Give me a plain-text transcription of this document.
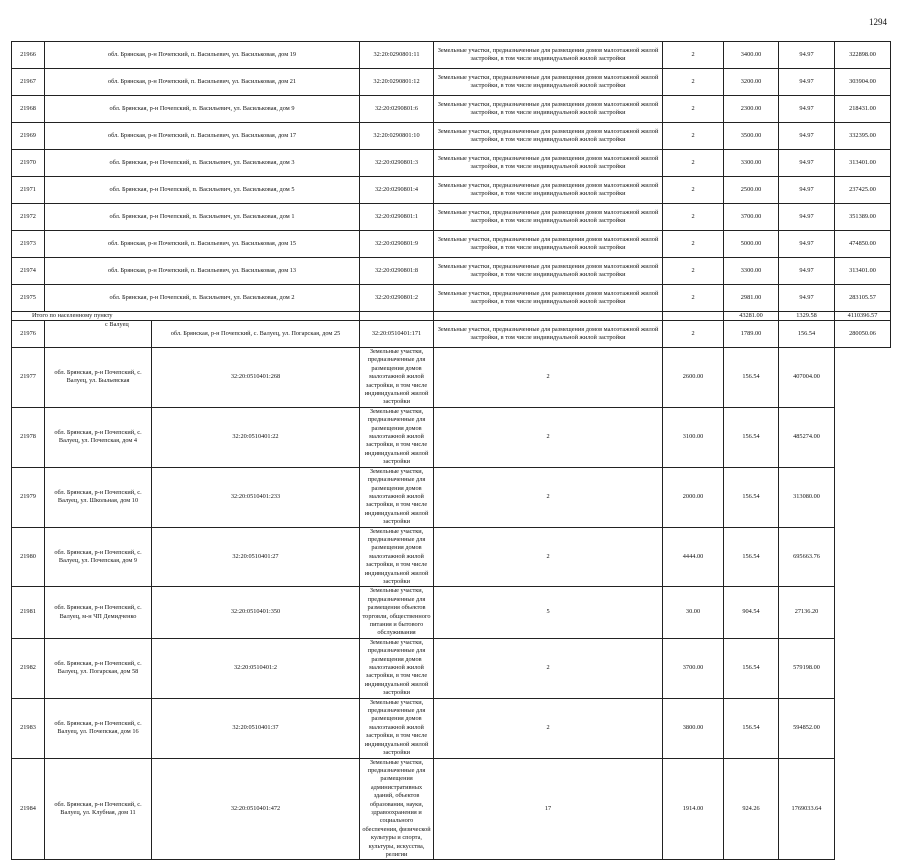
1294
21966	обл. Брянская, р-н Почепский, п. Васильевич, ул. Васильковая, дом 19		32:20:0290801:11	Земельные участки, предназначенные для размещения домов малоэтажной жилой застройки, в том числе индивидуальной жилой застройки	2	3400.00	94.97	322898.00
21967	обл. Брянская, р-н Почепский, п. Васильевич, ул. Васильковая, дом 21		32:20:0290801:12	Земельные участки, предназначенные для размещения домов малоэтажной жилой застройки, в том числе индивидуальной жилой застройки	2	3200.00	94.97	303904.00
21968	обл. Брянская, р-н Почепский, п. Васильевич, ул. Васильковая, дом 9		32:20:0290801:6	Земельные участки, предназначенные для размещения домов малоэтажной жилой застройки, в том числе индивидуальной жилой застройки	2	2300.00	94.97	218431.00
21969	обл. Брянская, р-н Почепский, п. Васильевич, ул. Васильковая, дом 17		32:20:0290801:10	Земельные участки, предназначенные для размещения домов малоэтажной жилой застройки, в том числе индивидуальной жилой застройки	2	3500.00	94.97	332395.00
21970	обл. Брянская, р-н Почепский, п. Васильевич, ул. Васильковая, дом 3		32:20:0290801:3	Земельные участки, предназначенные для размещения домов малоэтажной жилой застройки, в том числе индивидуальной жилой застройки	2	3300.00	94.97	313401.00
21971	обл. Брянская, р-н Почепский, п. Васильевич, ул. Васильковая, дом 5		32:20:0290801:4	Земельные участки, предназначенные для размещения домов малоэтажной жилой застройки, в том числе индивидуальной жилой застройки	2	2500.00	94.97	237425.00
21972	обл. Брянская, р-н Почепский, п. Васильевич, ул. Васильковая, дом 1		32:20:0290801:1	Земельные участки, предназначенные для размещения домов малоэтажной жилой застройки, в том числе индивидуальной жилой застройки	2	3700.00	94.97	351389.00
21973	обл. Брянская, р-н Почепский, п. Васильевич, ул. Васильковая, дом 15		32:20:0290801:9	Земельные участки, предназначенные для размещения домов малоэтажной жилой застройки, в том числе индивидуальной жилой застройки	2	5000.00	94.97	474850.00
21974	обл. Брянская, р-н Почепский, п. Васильевич, ул. Васильковая, дом 13		32:20:0290801:8	Земельные участки, предназначенные для размещения домов малоэтажной жилой застройки, в том числе индивидуальной жилой застройки	2	3300.00	94.97	313401.00
21975	обл. Брянская, р-н Почепский, п. Васильевич, ул. Васильковая, дом 2		32:20:0290801:2	Земельные участки, предназначенные для размещения домов малоэтажной жилой застройки, в том числе индивидуальной жилой застройки	2	2981.00	94.97	283105.57
Итого по населенному пункту						43281.00	1329.58	4110396.57
21976	с Валуец	обл. Брянская, р-н Почепский, с. Валуец, ул. Погарская, дом 25	32:20:0510401:171	Земельные участки, предназначенные для размещения домов малоэтажной жилой застройки, в том числе индивидуальной жилой застройки	2	1789.00	156.54	280050.06
21977	обл. Брянская, р-н Почепский, с. Валуец, ул. Быльевская	32:20:0510401:268	Земельные участки, предназначенные для размещения домов малоэтажной жилой застройки, в том числе индивидуальной жилой застройки	2	2600.00	156.54	407004.00	
21978	обл. Брянская, р-н Почепский, с. Валуец, ул. Почепская, дом 4	32:20:0510401:22	Земельные участки, предназначенные для размещения домов малоэтажной жилой застройки, в том числе индивидуальной жилой застройки	2	3100.00	156.54	485274.00	
21979	обл. Брянская, р-н Почепский, с. Валуец, ул. Школьная, дом 10	32:20:0510401:233	Земельные участки, предназначенные для размещения домов малоэтажной жилой застройки, в том числе индивидуальной жилой застройки	2	2000.00	156.54	313080.00	
21980	обл. Брянская, р-н Почепский, с. Валуец, ул. Почепская, дом 9	32:20:0510401:27	Земельные участки, предназначенные для размещения домов малоэтажной жилой застройки, в том числе индивидуальной жилой застройки	2	4444.00	156.54	695663.76	
21981	обл. Брянская, р-н Почепский, с. Валуец, м-н ЧП Демидченко	32:20:0510401:350	Земельные участки, предназначенные для размещения объектов торговли, общественного питания и бытового обслуживания	5	30.00	904.54	27136.20	
21982	обл. Брянская, р-н Почепский, с. Валуец, ул. Погарская, дом 58	32:20:0510401:2	Земельные участки, предназначенные для размещения домов малоэтажной жилой застройки, в том числе индивидуальной жилой застройки	2	3700.00	156.54	579198.00	
21983	обл. Брянская, р-н Почепский, с. Валуец, ул. Почепская, дом 16	32:20:0510401:37	Земельные участки, предназначенные для размещения домов малоэтажной жилой застройки, в том числе индивидуальной жилой застройки	2	3800.00	156.54	594852.00	
21984	обл. Брянская, р-н Почепский, с. Валуец, ул. Клубная, дом 11	32:20:0510401:472	Земельные участки, предназначенные для размещения административных зданий, объектов образования, науки, здравоохранения и социального обеспечения, физической культуры и спорта, культуры, искусства, религии	17	1914.00	924.26	1769033.64	
